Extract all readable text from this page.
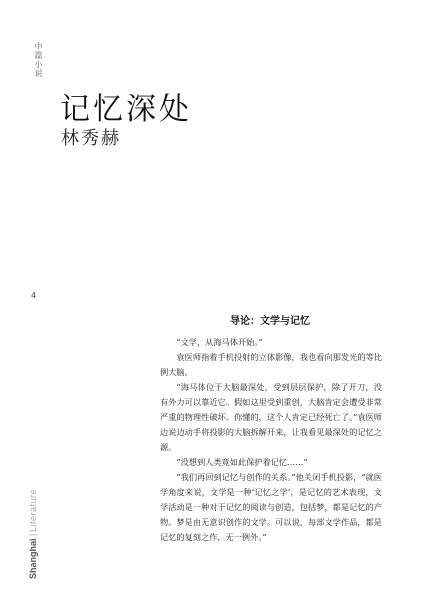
中篇小说
记忆深处
林秀赫
4
导论：文学与记忆

“文学，从海马体开始。”

袁医师指着手机投射的立体影像，我也看向那发光的等比例大脑。

“海马体位于大脑最深处，受到层层保护，除了开刀，没有外力可以靠近它。假如这里受到重创，大脑肯定会遭受非常严重的物理性破坏。你懂的，这个人肯定已经死亡了。”袁医师边说边动手将投影的大脑拆解开来，让我看见最深处的记忆之源。

“没想到人类竟如此保护着记忆……”

“我们再回到记忆与创作的关系。”他关闭手机投影，“就医学角度来说，文学是一种‘记忆之学’，是记忆的艺术表现，文学活动是一种对于记忆的阅读与创造，包括梦，都是记忆的产物。梦是由无意识创作的文学。可以说，每部文学作品，都是记忆的复刻之作，无一例外。”

Shanghai
|
Literature
